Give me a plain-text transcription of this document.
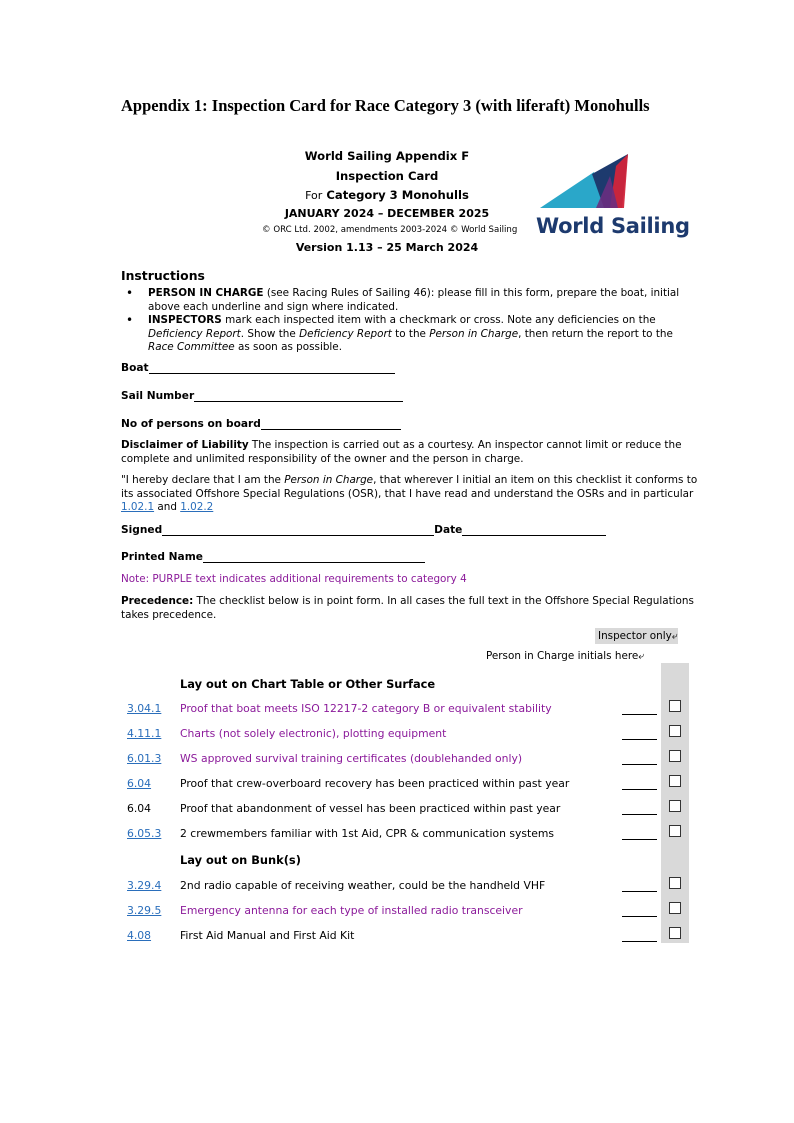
Appendix 1: Inspection Card for Race Category 3 (with liferaft) Monohulls
World Sailing Appendix F
Inspection Card
For Category 3 Monohulls
JANUARY 2024 – DECEMBER 2025
© ORC Ltd. 2002, amendments 2003-2024 © World Sailing
Version 1.13 – 25 March 2024
World Sailing
Instructions
• PERSON IN CHARGE (see Racing Rules of Sailing 46): please fill in this form, prepare the boat, initial above each underline and sign where indicated.
• INSPECTORS mark each inspected item with a checkmark or cross. Note any deficiencies on the Deficiency Report. Show the Deficiency Report to the Person in Charge, then return the report to the Race Committee as soon as possible.
Boat
Sail Number
No of persons on board
Disclaimer of Liability The inspection is carried out as a courtesy. An inspector cannot limit or reduce the complete and unlimited responsibility of the owner and the person in charge.
"I hereby declare that I am the Person in Charge, that wherever I initial an item on this checklist it conforms to its associated Offshore Special Regulations (OSR), that I have read and understand the OSRs and in particular 1.02.1 and 1.02.2
Signed	Date
Printed Name
Note: PURPLE text indicates additional requirements to category 4
Precedence: The checklist below is in point form. In all cases the full text in the Offshore Special Regulations takes precedence.
Inspector only⤶
Person in Charge initials here⤶
Lay out on Chart Table or Other Surface
3.04.1 Proof that boat meets ISO 12217-2 category B or equivalent stability
4.11.1 Charts (not solely electronic), plotting equipment
6.01.3 WS approved survival training certificates (doublehanded only)
6.04	Proof that crew-overboard recovery has been practiced within past year
6.04	Proof that abandonment of vessel has been practiced within past year
6.05.3 2 crewmembers familiar with 1st Aid, CPR & communication systems
Lay out on Bunk(s)
3.29.4 2nd radio capable of receiving weather, could be the handheld VHF
3.29.5 Emergency antenna for each type of installed radio transceiver
4.08	First Aid Manual and First Aid Kit
